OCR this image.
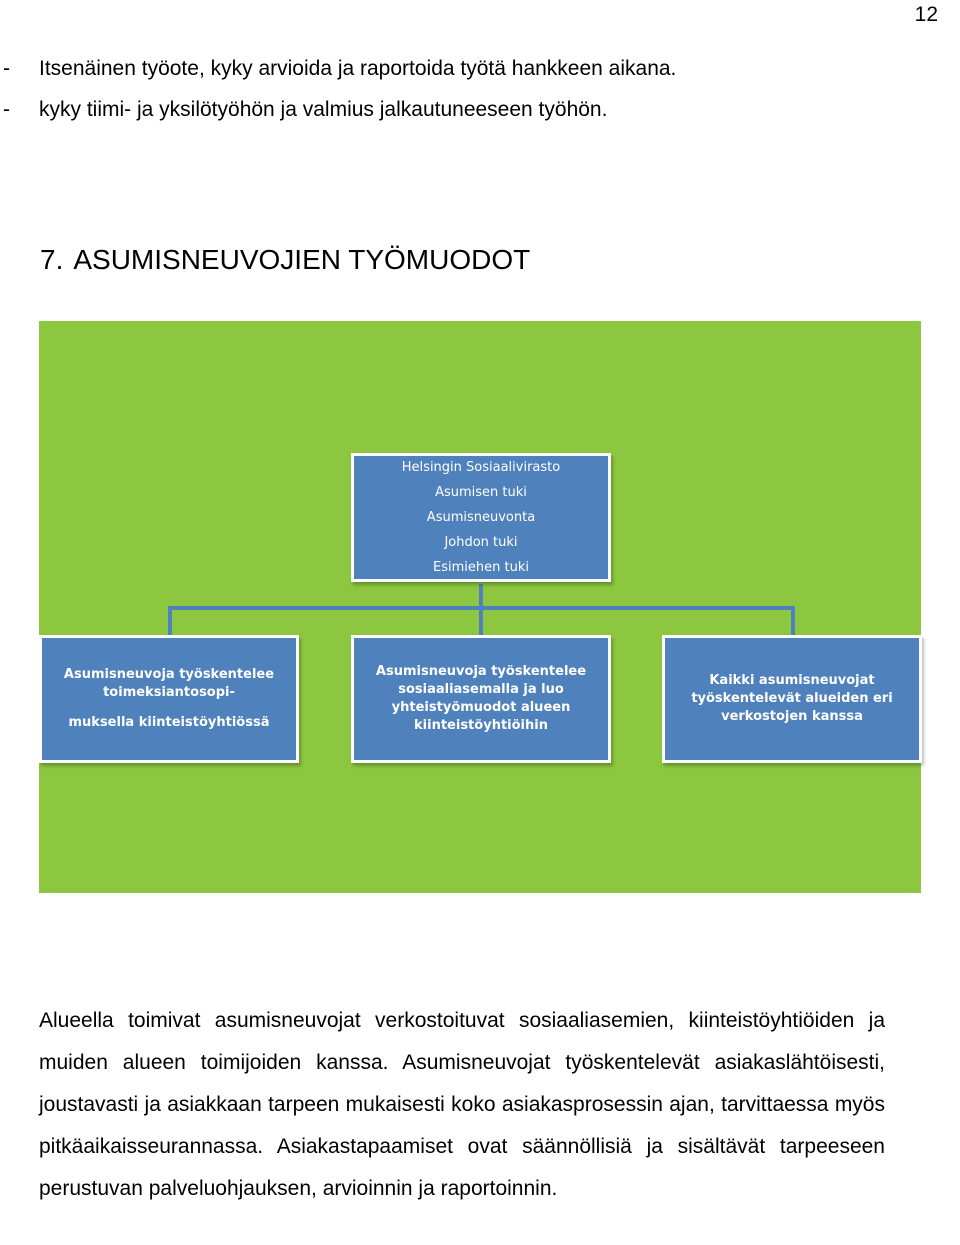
12
-	Itsenäinen työote, kyky arvioida ja raportoida työtä hankkeen aikana.
-	kyky tiimi- ja yksilötyöhön ja valmius jalkautuneeseen työhön.
7. ASUMISNEUVOJIEN TYÖMUODOT
Helsingin Sosiaalivirasto
Asumisen tuki
Asumisneuvonta
Johdon tuki
Esimiehen tuki
Asumisneuvoja työskentelee
toimeksiantosopi-
muksella kiinteistöyhtiössä
Asumisneuvoja työskentelee
sosiaaliasemalla ja luo
yhteistyömuodot alueen
kiinteistöyhtiöihin
Kaikki asumisneuvojat
työskentelevät alueiden eri
verkostojen kanssa

Alueella toimivat asumisneuvojat verkostoituvat sosiaaliasemien, kiinteistöyhtiöiden ja muiden alueen toimijoiden kanssa. Asumisneuvojat työskentelevät asiakaslähtöisesti, joustavasti ja asiakkaan tarpeen mukaisesti koko asiakasprosessin ajan, tarvittaessa myös pitkäaikaisseurannassa. Asiakastapaamiset ovat säännöllisiä ja sisältävät tarpeeseen perustuvan palveluohjauksen, arvioinnin ja raportoinnin.
